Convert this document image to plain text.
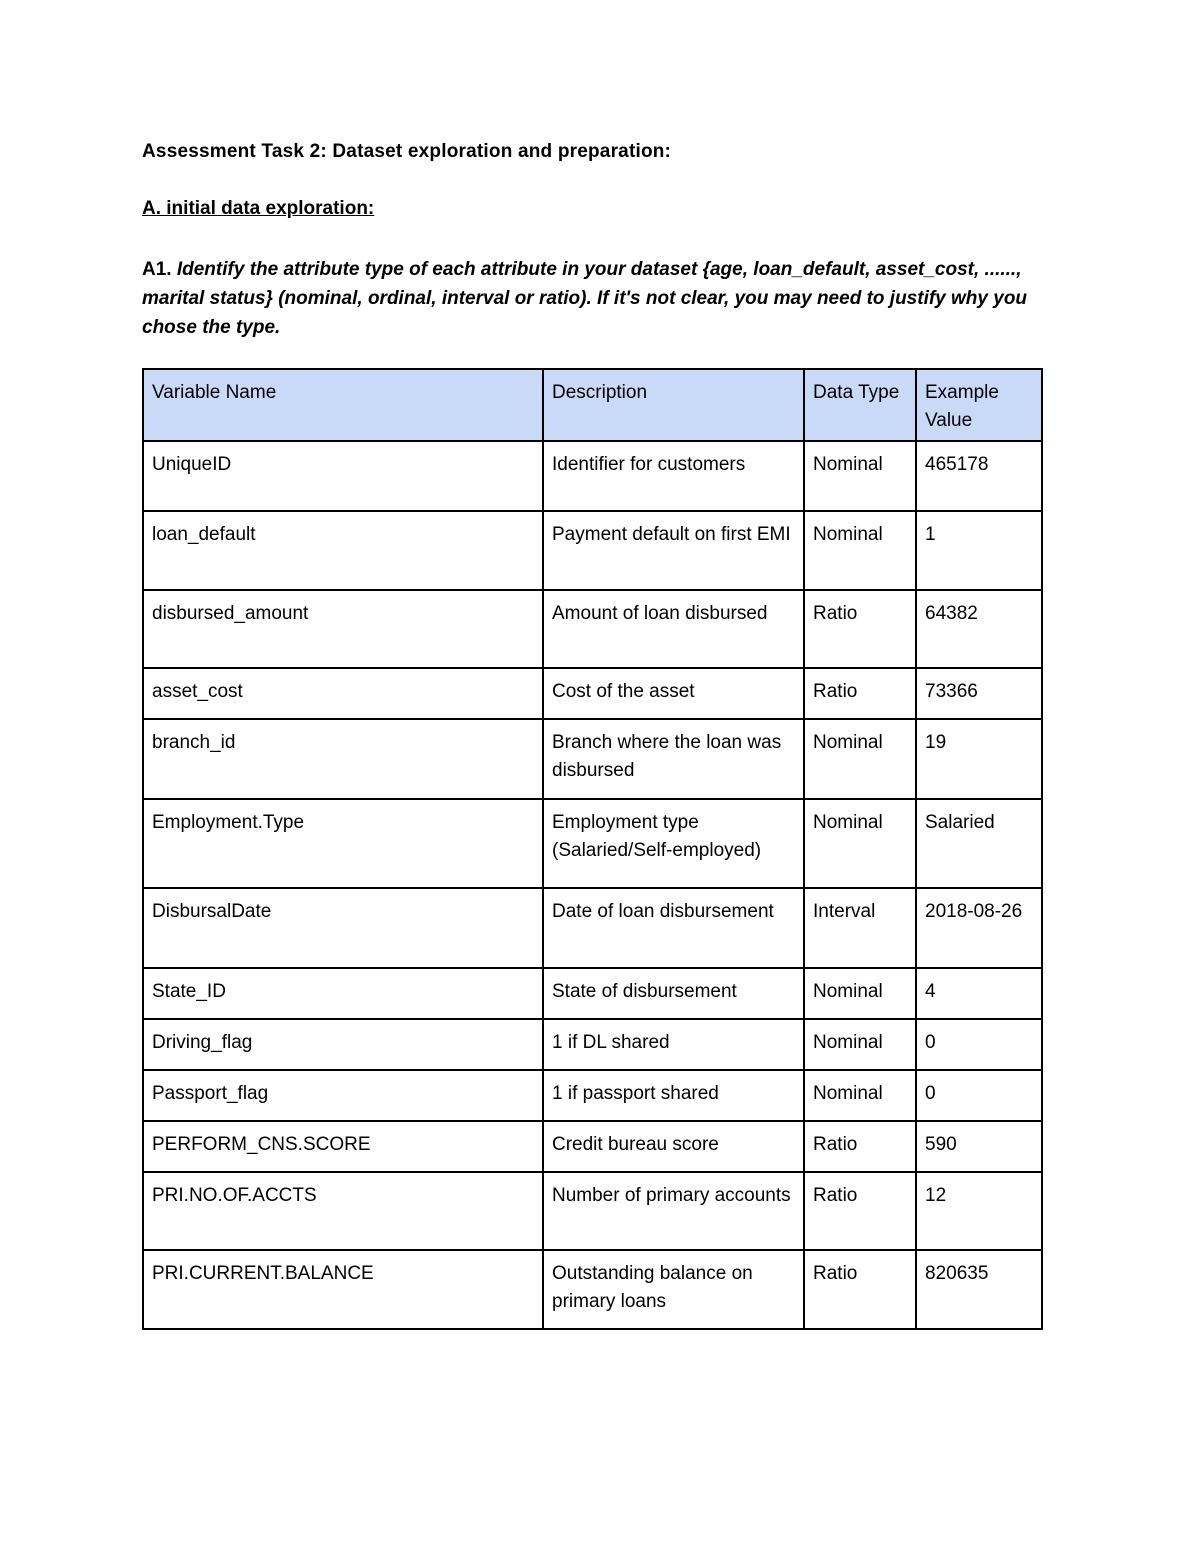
Assessment Task 2: Dataset exploration and preparation:
A. initial data exploration:
A1. Identify the attribute type of each attribute in your dataset {age, loan_default, asset_cost, ......, marital status} (nominal, ordinal, interval or ratio). If it's not clear, you may need to justify why you chose the type.
Variable Name	Description	Data Type	Example Value
UniqueID	Identifier for customers	Nominal	465178
loan_default	Payment default on first EMI	Nominal	1
disbursed_amount	Amount of loan disbursed	Ratio	64382
asset_cost	Cost of the asset	Ratio	73366
branch_id	Branch where the loan was disbursed	Nominal	19
Employment.Type	Employment type (Salaried/Self-employed)	Nominal	Salaried
DisbursalDate	Date of loan disbursement	Interval	2018-08-26
State_ID	State of disbursement	Nominal	4
Driving_flag	1 if DL shared	Nominal	0
Passport_flag	1 if passport shared	Nominal	0
PERFORM_CNS.SCORE	Credit bureau score	Ratio	590
PRI.NO.OF.ACCTS	Number of primary accounts	Ratio	12
PRI.CURRENT.BALANCE	Outstanding balance on primary loans	Ratio	820635
